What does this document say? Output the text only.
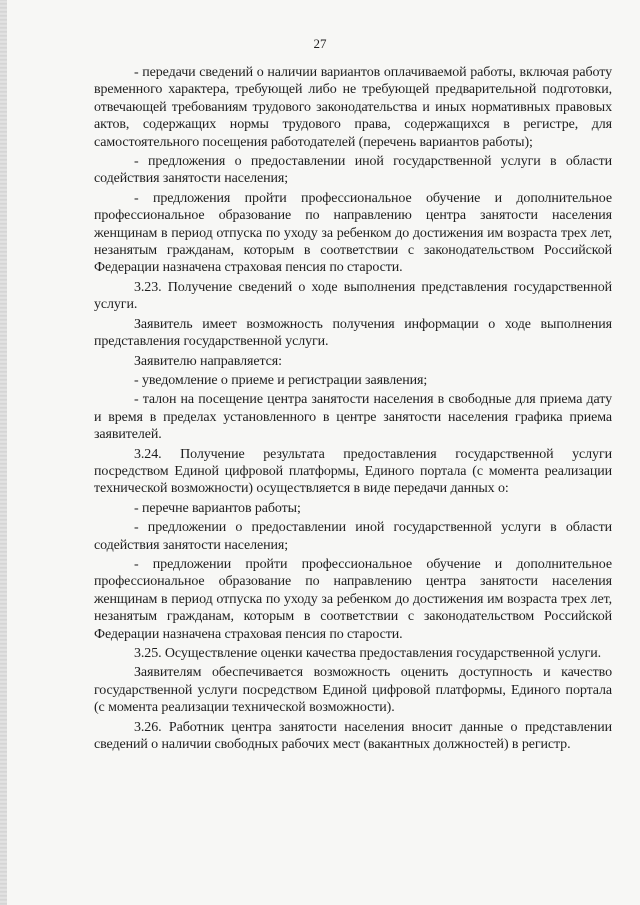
27

- передачи сведений о наличии вариантов оплачиваемой работы, включая работу временного характера, требующей либо не требующей предварительной подготовки, отвечающей требованиям трудового законодательства и иных нормативных правовых актов, содержащих нормы трудового права, содержащихся в регистре, для самостоятельного посещения работодателей (перечень вариантов работы);

- предложения о предоставлении иной государственной услуги в области содействия занятости населения;

- предложения пройти профессиональное обучение и дополнительное профессиональное образование по направлению центра занятости населения женщинам в период отпуска по уходу за ребенком до достижения им возраста трех лет, незанятым гражданам, которым в соответствии с законодательством Российской Федерации назначена страховая пенсия по старости.

3.23. Получение сведений о ходе выполнения представления государственной услуги.

Заявитель имеет возможность получения информации о ходе выполнения представления государственной услуги.

Заявителю направляется:

- уведомление о приеме и регистрации заявления;

- талон на посещение центра занятости населения в свободные для приема дату и время в пределах установленного в центре занятости населения графика приема заявителей.

3.24. Получение результата предоставления государственной услуги посредством Единой цифровой платформы, Единого портала (с момента реализации технической возможности) осуществляется в виде передачи данных о:

- перечне вариантов работы;

- предложении о предоставлении иной государственной услуги в области содействия занятости населения;

- предложении пройти профессиональное обучение и дополнительное профессиональное образование по направлению центра занятости населения женщинам в период отпуска по уходу за ребенком до достижения им возраста трех лет, незанятым гражданам, которым в соответствии с законодательством Российской Федерации назначена страховая пенсия по старости.

3.25. Осуществление оценки качества предоставления государственной услуги.

Заявителям обеспечивается возможность оценить доступность и качество государственной услуги посредством Единой цифровой платформы, Единого портала (с момента реализации технической возможности).

3.26. Работник центра занятости населения вносит данные о представлении сведений о наличии свободных рабочих мест (вакантных должностей) в регистр.
